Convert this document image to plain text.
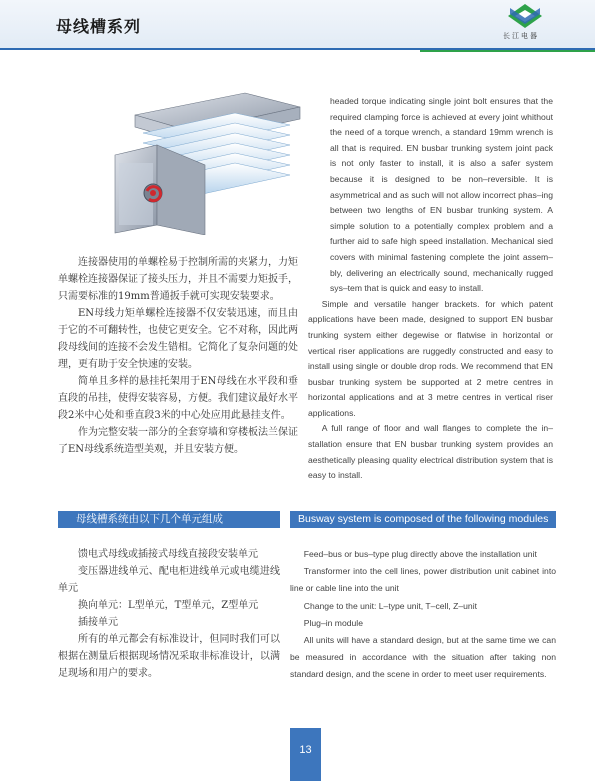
母线槽系列	长江电器

连接器使用的单螺栓易于控制所需的夹紧力，力矩单螺栓连接器保证了接头压力，并且不需要力矩扳手，只需要标准的19mm普通扳手就可实现安装要求。

EN母线力矩单螺栓连接器不仅安装迅速，而且由于它的不可翻转性，也使它更安全。它不对称，因此两段母线间的连接不会发生错相。它简化了复杂问题的处理，更有助于安全快速的安装。

简单且多样的悬挂托架用于EN母线在水平段和垂直段的吊挂，使得安装容易，方便。我们建议最好水平段2米中心处和垂直段3米的中心处应用此悬挂支件。

作为完整安装一部分的全套穿墙和穿楼板法兰保证了EN母线系统造型美观，并且安装方便。

headed torque indicating single joint bolt ensures that the required clamping force is achieved at every joint whithout the need of a torque wrench, a standard 19mm wrench is all that is required. EN busbar trunking system joint pack is not only faster to install, it is also a safer system because it is designed to be non–reversible. It is asymmetrical and as such will not allow incorrect phas–ing between two lengths of EN busbar trunking system. A simple solution to a potentially complex problem and a further aid to safe high speed installation. Mechanical sied covers with minimal fastening complete the joint assem–bly, delivering an electrically sound, mechanically rugged sys–tem that is quick and easy to install.

Simple and versatile hanger brackets. for which patent applications have been made, designed to support EN busbar trunking system either degewise or flatwise in horizontal or vertical riser applications are ruggedly constructed and easy to install using single or double drop rods. We recommend that EN busbar trunking system be supported at 2 metre centres in horizontal applications and at 3 metre centres in vertical riser applications.

A full range of floor and wall flanges to complete the in–stallation ensure that EN busbar trunking system provides an aesthetically pleasing quality electrical distribution system that is easy to install.

母线槽系统由以下几个单元组成	Busway system is composed of the following modules

馈电式母线或插接式母线直接段安装单元

变压器进线单元、配电柜进线单元或电缆进线单元

换向单元：L型单元，T型单元，Z型单元

插接单元

所有的单元都会有标准设计，但同时我们可以根据在测量后根据现场情况采取非标准设计，以满足现场和用户的要求。

Feed–bus or bus–type plug directly above the installation unit

Transformer into the cell lines, power distribution unit cabinet into line or cable line into the unit

Change to the unit: L–type unit, T–cell, Z–unit

Plug–in module

All units will have a standard design, but at the same time we can be measured in accordance with the situation after taking non standard design, and the scene in order to meet user requirements.

13
